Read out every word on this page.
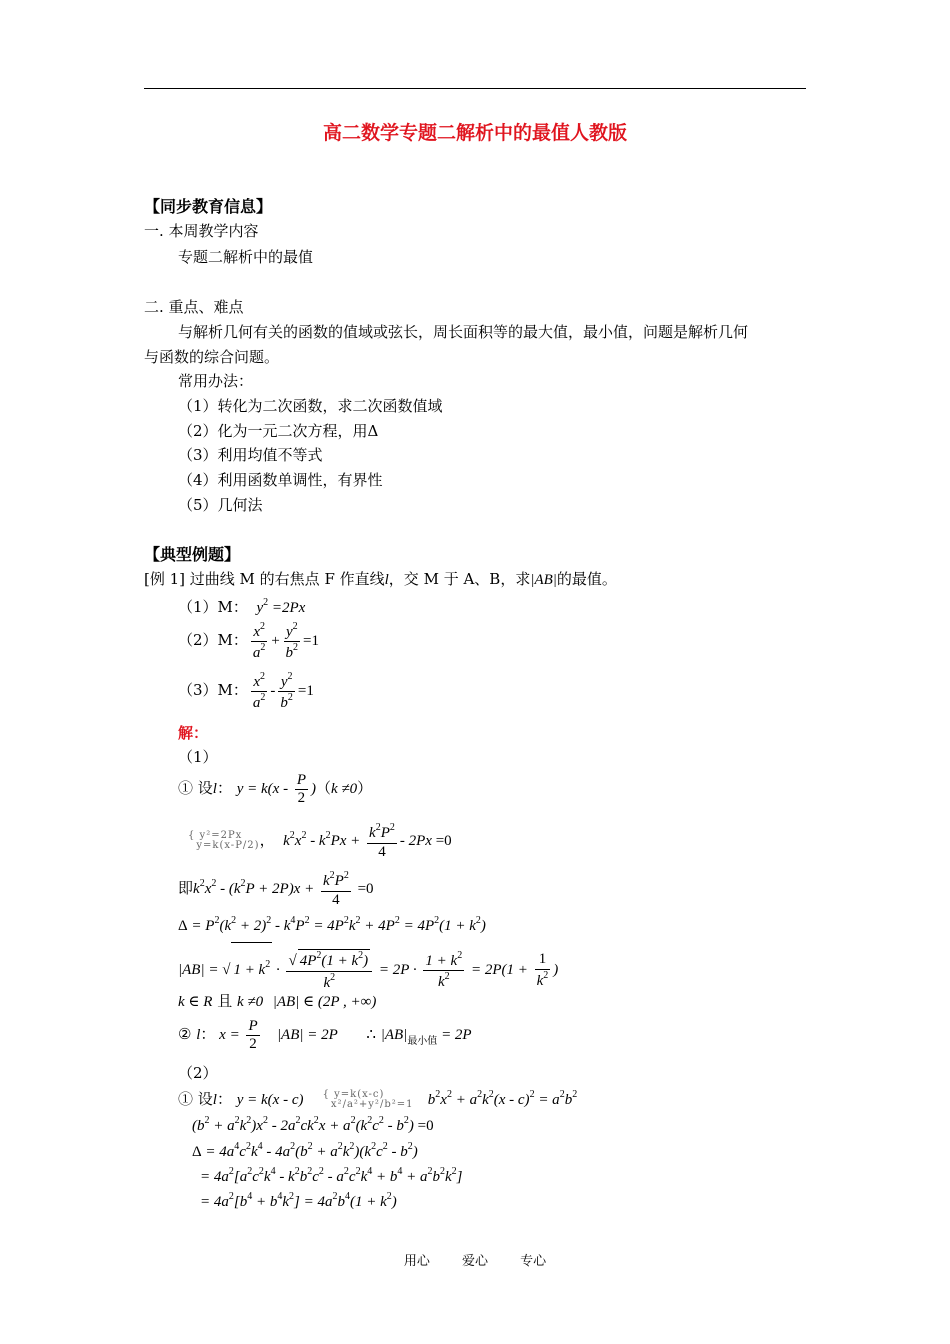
高二数学专题二解析中的最值人教版
【同步教育信息】
一. 本周教学内容
专题二解析中的最值
二. 重点、难点
与解析几何有关的函数的值域或弦长，周长面积等的最大值，最小值，问题是解析几何
与函数的综合问题。
常用办法：
（1）转化为二次函数，求二次函数值域
（2）化为一元二次方程，用Δ
（3）利用均值不等式
（4）利用函数单调性，有界性
（5）几何法
【典型例题】
[例 1] 过曲线 M 的右焦点 F 作直线l，交 M 于 A、B，求|AB|的最值。
（1）M：  $y^2 =2Px$
（2）M： $\frac{x^2}{a^2} + \frac{y^2}{b^2} =1$
（3）M： $\frac{x^2}{a^2} - \frac{y^2}{b^2} =1$
解：
（1）
① 设l： $y = k(x - \frac{P}{2} )(k \ne 0)$
{ y²=2Px
y=k(x-P/2)，  $k^2x^2 - k^2Px + \frac{k^2P^2}{4} - 2Px =0$
即$k^2x^2 - (k^2P + 2P)x + \frac{k^2P^2}{4} =0$
$\Delta = P^2(k^2 + 2)^2 - k^4P^2 = 4P^2k^2 + 4P^2 = 4P^2(1 + k^2)$
|AB| = √ $1 + k^2 \cdot \frac{√ 4P^2(1 + k^2)}{k^2} = 2P \cdot \frac{1 + k^2}{k^2} = 2P(1 + \frac{1}{k^2}$ )
k ∈ R 且 k ≠0 |AB| ∈ (2P , +∞)
② l： $x = \frac{P}{2} |AB| = 2P$ ∴ $|AB|_{最小值} = 2P$
（2）
① 设l： y = k(x - c) { y=k(x-c)
x²/a²+y²/b²=1 $b^2x^2 + a^2k^2(x - c)^2 = a^2b^2$
$(b^2 + a^2k^2)x^2 - 2a^2ck^2x + a^2(k^2c^2 - b^2) =0$
$\Delta = 4a^4c^2k^4 - 4a^2(b^2 + a^2k^2)(k^2c^2 - b^2)$
= $4a^2[a^2c^2k^4 - k^2b^2c^2 - a^2c^2k^4 + b^4 + a^2b^2k^2]$
= $4a^2[b^4 + b^4k^2] = 4a^2b^4(1 + k^2)$
用心 爱心 专心
